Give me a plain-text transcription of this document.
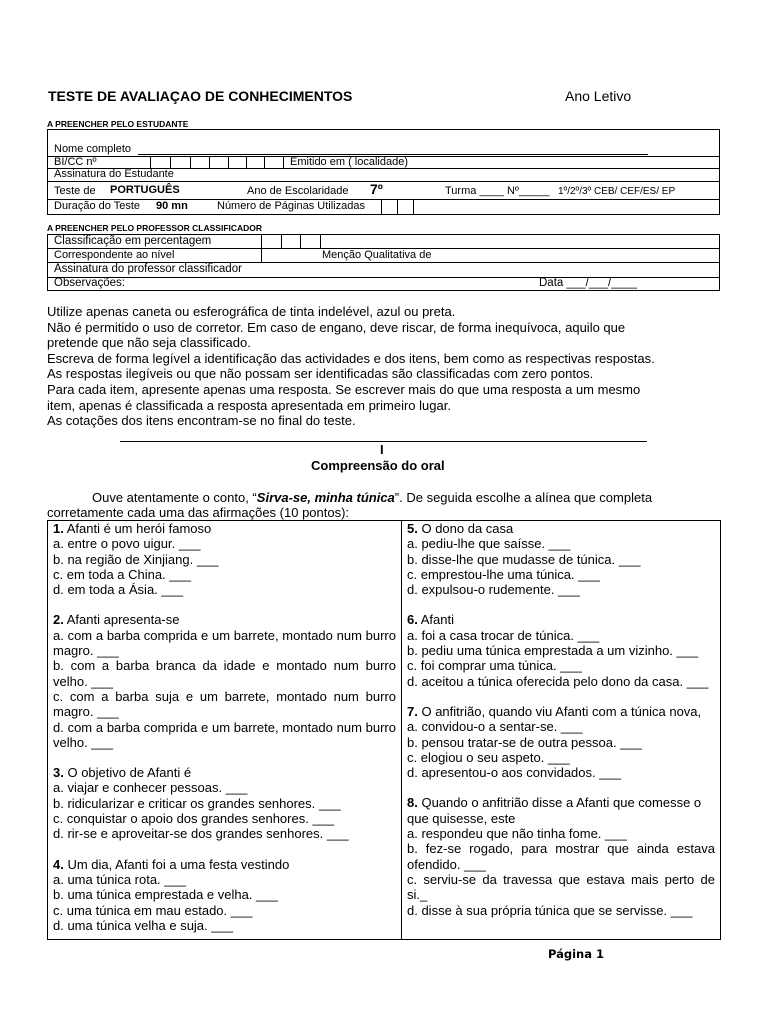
TESTE DE AVALIAÇAO DE CONHECIMENTOS	Ano Letivo
A PREENCHER PELO ESTUDANTE
Nome completo
BI/CC nº	Emitido em ( localidade)
Assinatura do Estudante
Teste de PORTUGUÊS	Ano de Escolaridade 7º	Turma ____ Nº_____ 1º/2º/3º CEB/ CEF/ES/ EP
Duração do Teste 90 mn	Número de Páginas Utilizadas
A PREENCHER PELO PROFESSOR CLASSIFICADOR
Classificação em percentagem
Correspondente ao nível	Menção Qualitativa de
Assinatura do professor classificador
Observações:	Data ___/___/____
Utilize apenas caneta ou esferográfica de tinta indelével, azul ou preta.
Não é permitido o uso de corretor. Em caso de engano, deve riscar, de forma inequívoca, aquilo que
pretende que não seja classificado.
Escreva de forma legível a identificação das actividades e dos itens, bem como as respectivas respostas.
As respostas ilegíveis ou que não possam ser identificadas são classificadas com zero pontos.
Para cada item, apresente apenas uma resposta. Se escrever mais do que uma resposta a um mesmo
item, apenas é classificada a resposta apresentada em primeiro lugar.
As cotações dos itens encontram-se no final do teste.
I
Compreensão do oral
Ouve atentamente o conto, “Sirva-se, minha túnica”. De seguida escolhe a alínea que completa
corretamente cada uma das afirmações (10 pontos):
1. Afanti é um herói famoso
a. entre o povo uigur. ___
b. na região de Xinjiang. ___
c. em toda a China. ___
d. em toda a Ásia. ___
2. Afanti apresenta-se
a. com a barba comprida e um barrete, montado num burro magro. ___
b. com a barba branca da idade e montado num burro velho. ___
c. com a barba suja e um barrete, montado num burro magro. ___
d. com a barba comprida e um barrete, montado num burro velho. ___
3. O objetivo de Afanti é
a. viajar e conhecer pessoas. ___
b. ridicularizar e criticar os grandes senhores. ___
c. conquistar o apoio dos grandes senhores. ___
d. rir-se e aproveitar-se dos grandes senhores. ___
4. Um dia, Afanti foi a uma festa vestindo
a. uma túnica rota. ___
b. uma túnica emprestada e velha. ___
c. uma túnica em mau estado. ___
d. uma túnica velha e suja. ___
5. O dono da casa
a. pediu-lhe que saísse. ___
b. disse-lhe que mudasse de túnica. ___
c. emprestou-lhe uma túnica. ___
d. expulsou-o rudemente. ___
6. Afanti
a. foi a casa trocar de túnica. ___
b. pediu uma túnica emprestada a um vizinho. ___
c. foi comprar uma túnica. ___
d. aceitou a túnica oferecida pelo dono da casa. ___
7. O anfitrião, quando viu Afanti com a túnica nova,
a. convidou-o a sentar-se. ___
b. pensou tratar-se de outra pessoa. ___
c. elogiou o seu aspeto. ___
d. apresentou-o aos convidados. ___
8. Quando o anfitrião disse a Afanti que comesse o que quisesse, este
a. respondeu que não tinha fome. ___
b. fez-se rogado, para mostrar que ainda estava ofendido. ___
c. serviu-se da travessa que estava mais perto de si._
d. disse à sua própria túnica que se servisse. ___
Página 1
